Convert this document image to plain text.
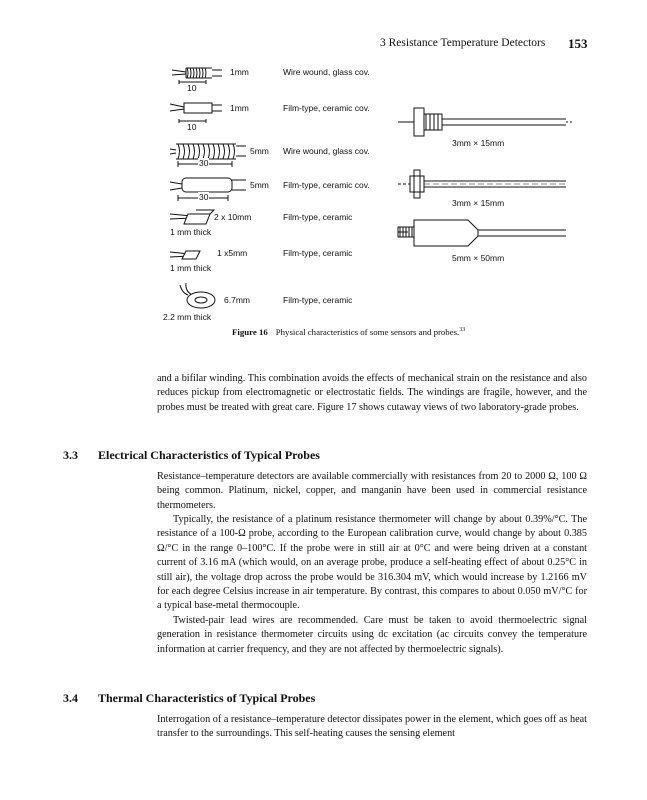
3 Resistance Temperature Detectors 153
1mm
10
Wire wound, glass cov.
1mm
10
Film-type, ceramic cov.
5mm
30
Wire wound, glass cov.
5mm
30
Film-type, ceramic cov.
2 x 10mm
1 mm thick
Film-type, ceramic
1 x5mm
1 mm thick
Film-type, ceramic
6.7mm
2.2 mm thick
Film-type, ceramic
3mm × 15mm
3mm × 15mm
5mm × 50mm
Figure 16 Physical characteristics of some sensors and probes.$^{33}$

and a bifilar winding. This combination avoids the effects of mechanical strain on the resistance and also reduces pickup from electromagnetic or electrostatic fields. The windings are fragile, however, and the probes must be treated with great care. Figure 17 shows cutaway views of two laboratory-grade probes.

3.3 Electrical Characteristics of Typical Probes

Resistance–temperature detectors are available commercially with resistances from 20 to 2000 Ω, 100 Ω being common. Platinum, nickel, copper, and manganin have been used in commercial resistance thermometers.

Typically, the resistance of a platinum resistance thermometer will change by about 0.39%/°C. The resistance of a 100-Ω probe, according to the European calibration curve, would change by about 0.385 Ω/°C in the range 0–100°C. If the probe were in still air at 0°C and were being driven at a constant current of 3.16 mA (which would, on an average probe, produce a self-heating effect of about 0.25°C in still air), the voltage drop across the probe would be 316.304 mV, which would increase by 1.2166 mV for each degree Celsius increase in air temperature. By contrast, this compares to about 0.050 mV/°C for a typical base-metal thermocouple.

Twisted-pair lead wires are recommended. Care must be taken to avoid thermoelectric signal generation in resistance thermometer circuits using dc excitation (ac circuits convey the temperature information at carrier frequency, and they are not affected by thermoelectric signals).

3.4 Thermal Characteristics of Typical Probes

Interrogation of a resistance–temperature detector dissipates power in the element, which goes off as heat transfer to the surroundings. This self-heating causes the sensing element
